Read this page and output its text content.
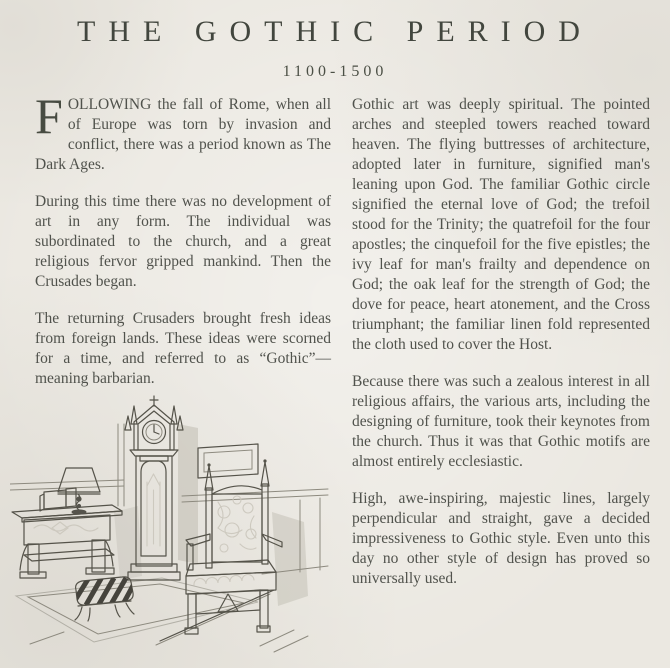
THE GOTHIC PERIOD
1100-1500

FOLLOWING the fall of Rome, when all of Europe was torn by invasion and conflict, there was a period known as The Dark Ages.

During this time there was no development of art in any form. The individual was subordinated to the church, and a great religious fervor gripped mankind. Then the Crusades began.

The returning Crusaders brought fresh ideas from foreign lands. These ideas were scorned for a time, and referred to as “Gothic”—meaning barbarian.

Gothic art was deeply spiritual. The pointed arches and steepled towers reached toward heaven. The flying buttresses of architecture, adopted later in furniture, signified man's leaning upon God. The familiar Gothic circle signified the eternal love of God; the trefoil stood for the Trinity; the quatrefoil for the four apostles; the cinquefoil for the five epistles; the ivy leaf for man's frailty and dependence on God; the oak leaf for the strength of God; the dove for peace, heart atonement, and the Cross triumphant; the familiar linen fold represented the cloth used to cover the Host.

Because there was such a zealous interest in all religious affairs, the various arts, including the designing of furniture, took their keynotes from the church. Thus it was that Gothic motifs are almost entirely ecclesiastic.

High, awe-inspiring, majestic lines, largely perpendicular and straight, gave a decided impressiveness to Gothic style. Even unto this day no other style of design has proved so universally used.
